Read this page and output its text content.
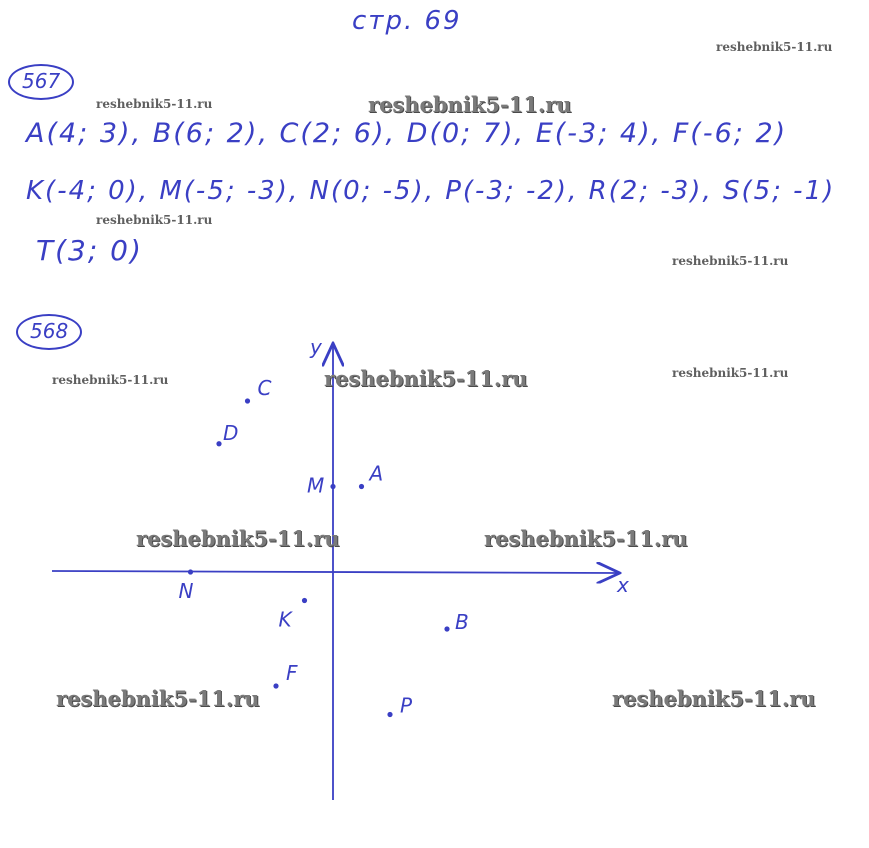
стр. 69
567
A(4; 3), B(6; 2), C(2; 6), D(0; 7), E(-3; 4), F(-6; 2)
K(-4; 0), M(-5; -3), N(0; -5), P(-3; -2), R(2; -3), S(5; -1)
T(3; 0)
568
x
y
C
D
M A
N
K	B
F
P
reshebnik5-11.ru
reshebnik5-11.ru	reshebnik5-11.ru
reshebnik5-11.ru
reshebnik5-11.ru
reshebnik5-11.ru	reshebnik5-11.ru	reshebnik5-11.ru
reshebnik5-11.ru	reshebnik5-11.ru
reshebnik5-11.ru	reshebnik5-11.ru
